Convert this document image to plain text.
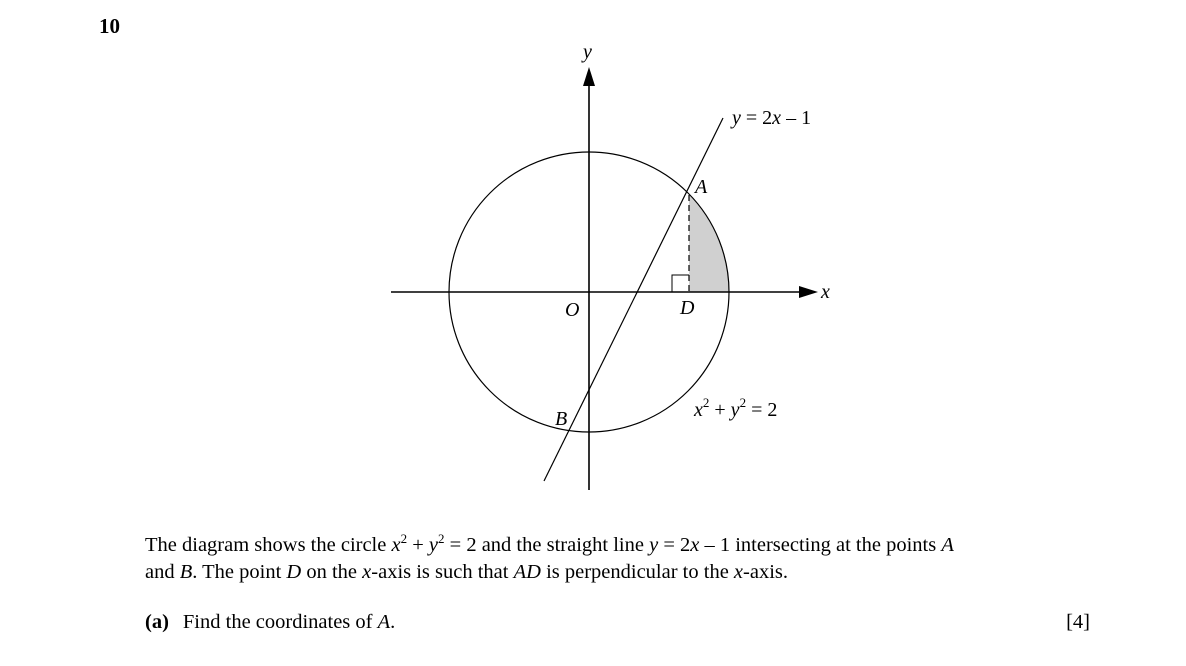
10
y
x
O
A
B
D
y = 2x – 1
$x^2 + y^2 = 2$

The diagram shows the circle $x^2 + y^2 = 2$ and the straight line y = 2x – 1 intersecting at the points A
and B. The point D on the x-axis is such that AD is perpendicular to the x-axis.

(a) Find the coordinates of A.	[4]
